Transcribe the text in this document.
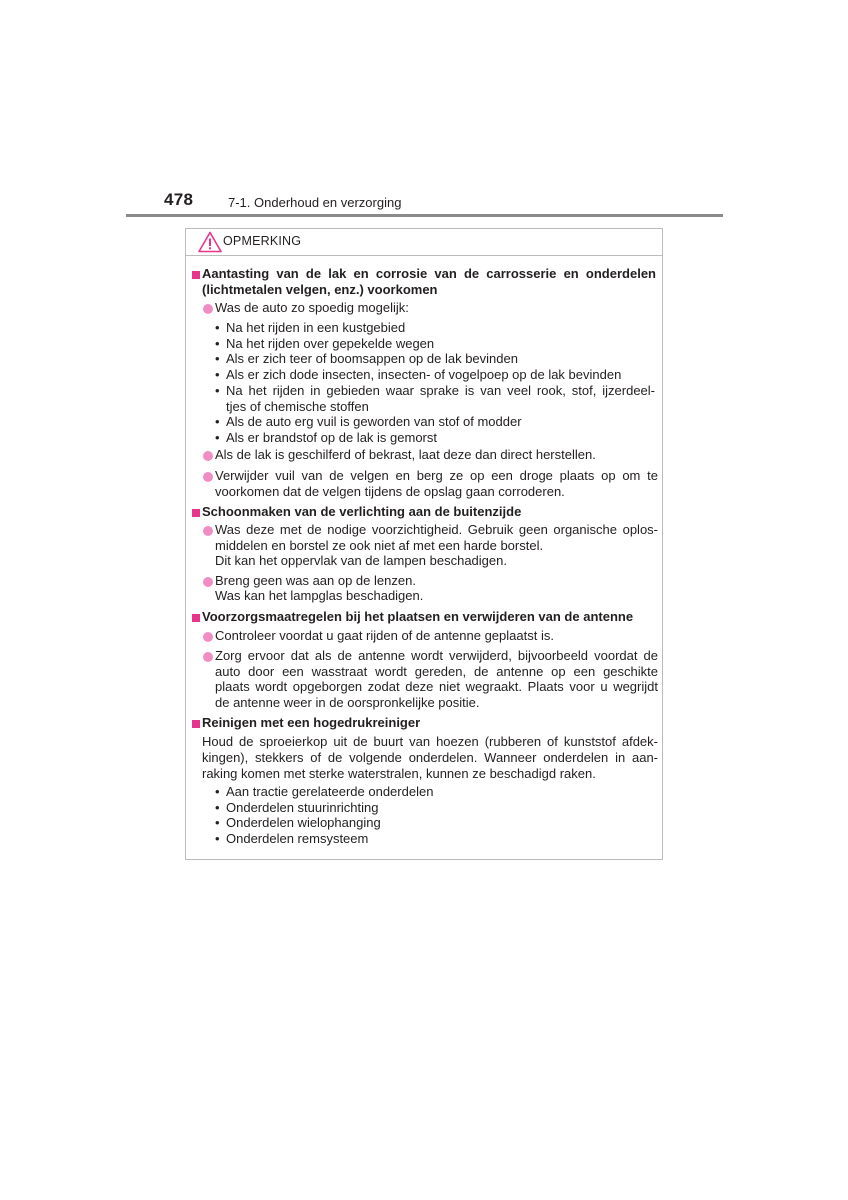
478	7-1. Onderhoud en verzorging
OPMERKING
Aantasting van de lak en corrosie van de carrosserie en onderdelen
(lichtmetalen velgen, enz.) voorkomen
Was de auto zo spoedig mogelijk:
• Na het rijden in een kustgebied
• Na het rijden over gepekelde wegen
• Als er zich teer of boomsappen op de lak bevinden
• Als er zich dode insecten, insecten- of vogelpoep op de lak bevinden
• Na het rijden in gebieden waar sprake is van veel rook, stof, ijzerdeel-
tjes of chemische stoffen
• Als de auto erg vuil is geworden van stof of modder
• Als er brandstof op de lak is gemorst
Als de lak is geschilferd of bekrast, laat deze dan direct herstellen.
Verwijder vuil van de velgen en berg ze op een droge plaats op om te
voorkomen dat de velgen tijdens de opslag gaan corroderen.
Schoonmaken van de verlichting aan de buitenzijde
Was deze met de nodige voorzichtigheid. Gebruik geen organische oplos-
middelen en borstel ze ook niet af met een harde borstel.
Dit kan het oppervlak van de lampen beschadigen.
Breng geen was aan op de lenzen.
Was kan het lampglas beschadigen.
Voorzorgsmaatregelen bij het plaatsen en verwijderen van de antenne
Controleer voordat u gaat rijden of de antenne geplaatst is.
Zorg ervoor dat als de antenne wordt verwijderd, bijvoorbeeld voordat de
auto door een wasstraat wordt gereden, de antenne op een geschikte
plaats wordt opgeborgen zodat deze niet wegraakt. Plaats voor u wegrijdt
de antenne weer in de oorspronkelijke positie.
Reinigen met een hogedrukreiniger
Houd de sproeierkop uit de buurt van hoezen (rubberen of kunststof afdek-
kingen), stekkers of de volgende onderdelen. Wanneer onderdelen in aan-
raking komen met sterke waterstralen, kunnen ze beschadigd raken.
• Aan tractie gerelateerde onderdelen
• Onderdelen stuurinrichting
• Onderdelen wielophanging
• Onderdelen remsysteem
